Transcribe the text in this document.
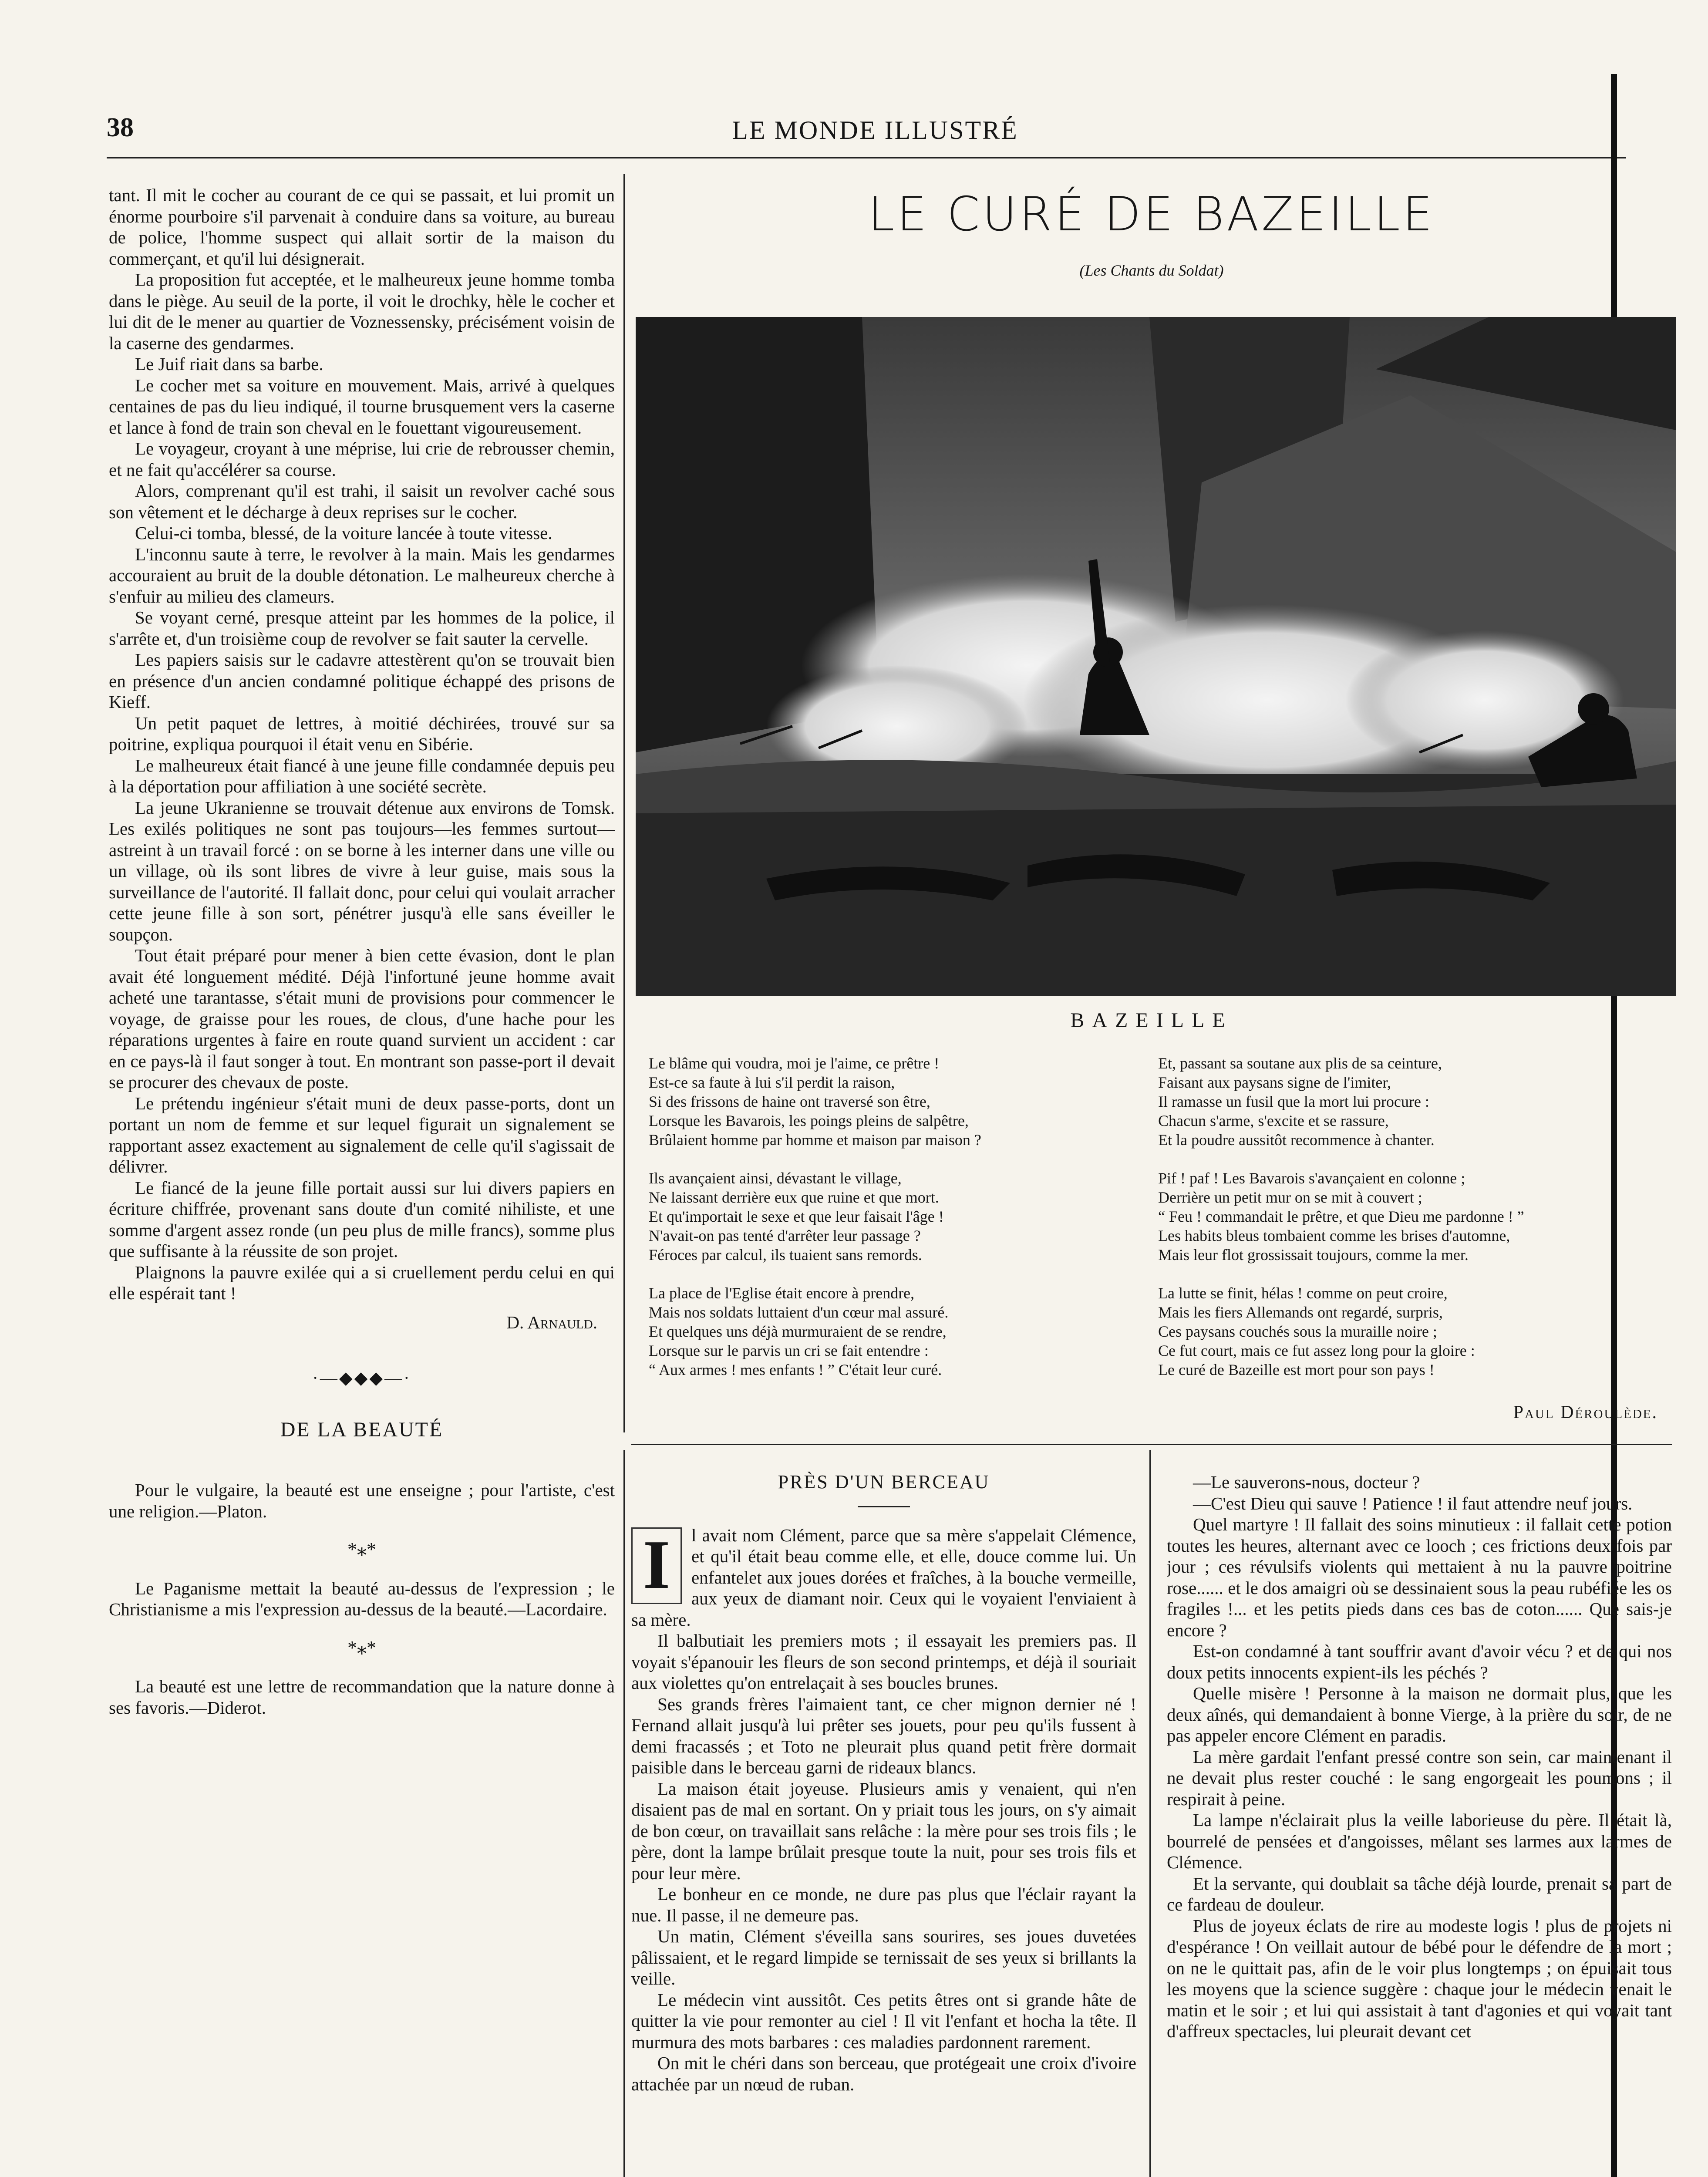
38	LE MONDE ILLUSTRÉ

tant. Il mit le cocher au courant de ce qui se passait, et lui promit un énorme pourboire s'il parvenait à conduire dans sa voiture, au bureau de police, l'homme suspect qui allait sortir de la maison du commerçant, et qu'il lui désignerait.

La proposition fut acceptée, et le malheureux jeune homme tomba dans le piège. Au seuil de la porte, il voit le drochky, hèle le cocher et lui dit de le mener au quartier de Voznessensky, précisément voisin de la caserne des gendarmes.

Le Juif riait dans sa barbe.

Le cocher met sa voiture en mouvement. Mais, arrivé à quelques centaines de pas du lieu indiqué, il tourne brusquement vers la caserne et lance à fond de train son cheval en le fouettant vigoureusement.

Le voyageur, croyant à une méprise, lui crie de rebrousser chemin, et ne fait qu'accélérer sa course.

Alors, comprenant qu'il est trahi, il saisit un revolver caché sous son vêtement et le décharge à deux reprises sur le cocher.

Celui-ci tomba, blessé, de la voiture lancée à toute vitesse.

L'inconnu saute à terre, le revolver à la main. Mais les gendarmes accouraient au bruit de la double détonation. Le malheureux cherche à s'enfuir au milieu des clameurs.

Se voyant cerné, presque atteint par les hommes de la police, il s'arrête et, d'un troisième coup de revolver se fait sauter la cervelle.

Les papiers saisis sur le cadavre attestèrent qu'on se trouvait bien en présence d'un ancien condamné politique échappé des prisons de Kieff.

Un petit paquet de lettres, à moitié déchirées, trouvé sur sa poitrine, expliqua pourquoi il était venu en Sibérie.

Le malheureux était fiancé à une jeune fille condamnée depuis peu à la déportation pour affiliation à une société secrète.

La jeune Ukranienne se trouvait détenue aux environs de Tomsk. Les exilés politiques ne sont pas toujours—les femmes surtout—astreint à un travail forcé : on se borne à les interner dans une ville ou un village, où ils sont libres de vivre à leur guise, mais sous la surveillance de l'autorité. Il fallait donc, pour celui qui voulait arracher cette jeune fille à son sort, pénétrer jusqu'à elle sans éveiller le soupçon.

Tout était préparé pour mener à bien cette évasion, dont le plan avait été longuement médité. Déjà l'infortuné jeune homme avait acheté une tarantasse, s'était muni de provisions pour commencer le voyage, de graisse pour les roues, de clous, d'une hache pour les réparations urgentes à faire en route quand survient un accident : car en ce pays-là il faut songer à tout. En montrant son passe-port il devait se procurer des chevaux de poste.

Le prétendu ingénieur s'était muni de deux passe-ports, dont un portant un nom de femme et sur lequel figurait un signalement se rapportant assez exactement au signalement de celle qu'il s'agissait de délivrer.

Le fiancé de la jeune fille portait aussi sur lui divers papiers en écriture chiffrée, provenant sans doute d'un comité nihiliste, et une somme d'argent assez ronde (un peu plus de mille francs), somme plus que suffisante à la réussite de son projet.

Plaignons la pauvre exilée qui a si cruellement perdu celui en qui elle espérait tant !

D. Arnauld.

·—◆◆◆—·
DE LA BEAUTÉ

Pour le vulgaire, la beauté est une enseigne ; pour l'artiste, c'est une religion.—Platon.

*⁎*

Le Paganisme mettait la beauté au-dessus de l'expression ; le Christianisme a mis l'expression au-dessus de la beauté.—Lacordaire.

*⁎*

La beauté est une lettre de recommandation que la nature donne à ses favoris.—Diderot.

LE CURÉ DE BAZEILLE
(Les Chants du Soldat)
BAZEILLE
Le blâme qui voudra, moi je l'aime, ce prêtre !
Est-ce sa faute à lui s'il perdit la raison,
Si des frissons de haine ont traversé son être,
Lorsque les Bavarois, les poings pleins de salpêtre,
Brûlaient homme par homme et maison par maison ?
Ils avançaient ainsi, dévastant le village,
Ne laissant derrière eux que ruine et que mort.
Et qu'importait le sexe et que leur faisait l'âge !
N'avait-on pas tenté d'arrêter leur passage ?
Féroces par calcul, ils tuaient sans remords.
La place de l'Eglise était encore à prendre,
Mais nos soldats luttaient d'un cœur mal assuré.
Et quelques uns déjà murmuraient de se rendre,
Lorsque sur le parvis un cri se fait entendre :
“ Aux armes ! mes enfants ! ” C'était leur curé.
Et, passant sa soutane aux plis de sa ceinture,
Faisant aux paysans signe de l'imiter,
Il ramasse un fusil que la mort lui procure :
Chacun s'arme, s'excite et se rassure,
Et la poudre aussitôt recommence à chanter.
Pif ! paf ! Les Bavarois s'avançaient en colonne ;
Derrière un petit mur on se mit à couvert ;
“ Feu ! commandait le prêtre, et que Dieu me pardonne ! ”
Les habits bleus tombaient comme les brises d'automne,
Mais leur flot grossissait toujours, comme la mer.
La lutte se finit, hélas ! comme on peut croire,
Mais les fiers Allemands ont regardé, surpris,
Ces paysans couchés sous la muraille noire ;
Ce fut court, mais ce fut assez long pour la gloire :
Le curé de Bazeille est mort pour son pays !
Paul Déroulède.
PRÈS D'UN BERCEAU
I	l avait nom Clément, parce que sa mère s'appelait Clémence, et qu'il était beau comme elle, et elle, douce comme lui. Un enfantelet aux joues dorées et fraîches, à la bouche vermeille, aux yeux de diamant noir. Ceux qui le voyaient l'enviaient à sa mère.

Il balbutiait les premiers mots ; il essayait les premiers pas. Il voyait s'épanouir les fleurs de son second printemps, et déjà il souriait aux violettes qu'on entrelaçait à ses boucles brunes.

Ses grands frères l'aimaient tant, ce cher mignon dernier né ! Fernand allait jusqu'à lui prêter ses jouets, pour peu qu'ils fussent à demi fracassés ; et Toto ne pleurait plus quand petit frère dormait paisible dans le berceau garni de rideaux blancs.

La maison était joyeuse. Plusieurs amis y venaient, qui n'en disaient pas de mal en sortant. On y priait tous les jours, on s'y aimait de bon cœur, on travaillait sans relâche : la mère pour ses trois fils ; le père, dont la lampe brûlait presque toute la nuit, pour ses trois fils et pour leur mère.

Le bonheur en ce monde, ne dure pas plus que l'éclair rayant la nue. Il passe, il ne demeure pas.

Un matin, Clément s'éveilla sans sourires, ses joues duvetées pâlissaient, et le regard limpide se ternissait de ses yeux si brillants la veille.

Le médecin vint aussitôt. Ces petits êtres ont si grande hâte de quitter la vie pour remonter au ciel ! Il vit l'enfant et hocha la tête. Il murmura des mots barbares : ces maladies pardonnent rarement.

On mit le chéri dans son berceau, que protégeait une croix d'ivoire attachée par un nœud de ruban.

—Le sauverons-nous, docteur ?

—C'est Dieu qui sauve ! Patience ! il faut attendre neuf jours.

Quel martyre ! Il fallait des soins minutieux : il fallait cette potion toutes les heures, alternant avec ce looch ; ces frictions deux fois par jour ; ces révulsifs violents qui mettaient à nu la pauvre poitrine rose...... et le dos amaigri où se dessinaient sous la peau rubéfiée les os fragiles !... et les petits pieds dans ces bas de coton...... Que sais-je encore ?

Est-on condamné à tant souffrir avant d'avoir vécu ? et de qui nos doux petits innocents expient-ils les péchés ?

Quelle misère ! Personne à la maison ne dormait plus, que les deux aînés, qui demandaient à bonne Vierge, à la prière du soir, de ne pas appeler encore Clément en paradis.

La mère gardait l'enfant pressé contre son sein, car maintenant il ne devait plus rester couché : le sang engorgeait les poumons ; il respirait à peine.

La lampe n'éclairait plus la veille laborieuse du père. Il était là, bourrelé de pensées et d'angoisses, mêlant ses larmes aux larmes de Clémence.

Et la servante, qui doublait sa tâche déjà lourde, prenait sa part de ce fardeau de douleur.

Plus de joyeux éclats de rire au modeste logis ! plus de projets ni d'espérance ! On veillait autour de bébé pour le défendre de la mort ; on ne le quittait pas, afin de le voir plus longtemps ; on épuisait tous les moyens que la science suggère : chaque jour le médecin venait le matin et le soir ; et lui qui assistait à tant d'agonies et qui voyait tant d'affreux spectacles, lui pleurait devant cet
